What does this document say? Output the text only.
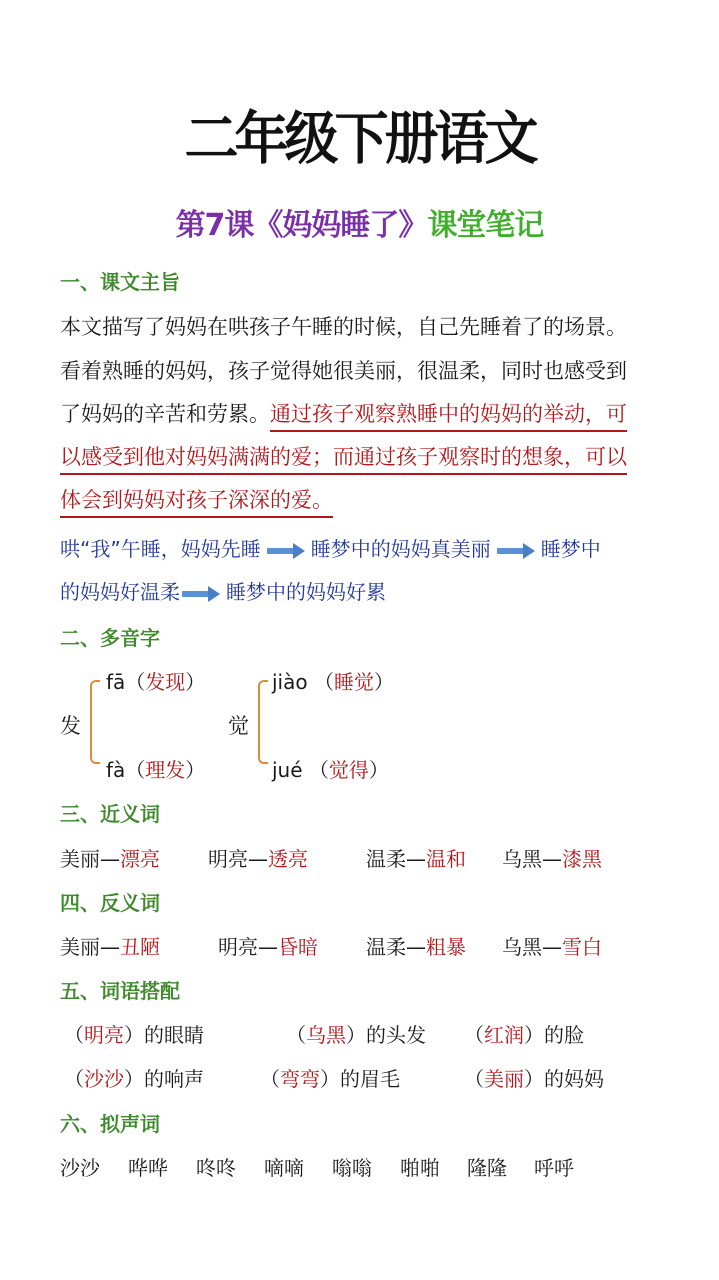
二年级下册语文
第7课《妈妈睡了》课堂笔记
一、课文主旨
本文描写了妈妈在哄孩子午睡的时候，自己先睡着了的场景。
看着熟睡的妈妈，孩子觉得她很美丽，很温柔，同时也感受到
了妈妈的辛苦和劳累。通过孩子观察熟睡中的妈妈的举动，可
以感受到他对妈妈满满的爱；而通过孩子观察时的想象，可以
体会到妈妈对孩子深深的爱。
哄“我”午睡，妈妈先睡	睡梦中的妈妈真美丽	睡梦中
的妈妈好温柔 睡梦中的妈妈好累
二、多音字
发
fā（发现）
fà（理发）
觉
jiào （睡觉）
jué （觉得）
三、近义词
美丽—漂亮 明亮—透亮	温柔—温和 乌黑—漆黑
四、反义词
美丽—丑陋	明亮—昏暗 温柔—粗暴 乌黑—雪白
五、词语搭配
（明亮）的眼睛	（乌黑）的头发 （红润）的脸
（沙沙）的响声	（弯弯）的眉毛	（美丽）的妈妈
六、拟声词
沙沙 哗哗 咚咚 嘀嘀 嗡嗡 啪啪 隆隆 呼呼
